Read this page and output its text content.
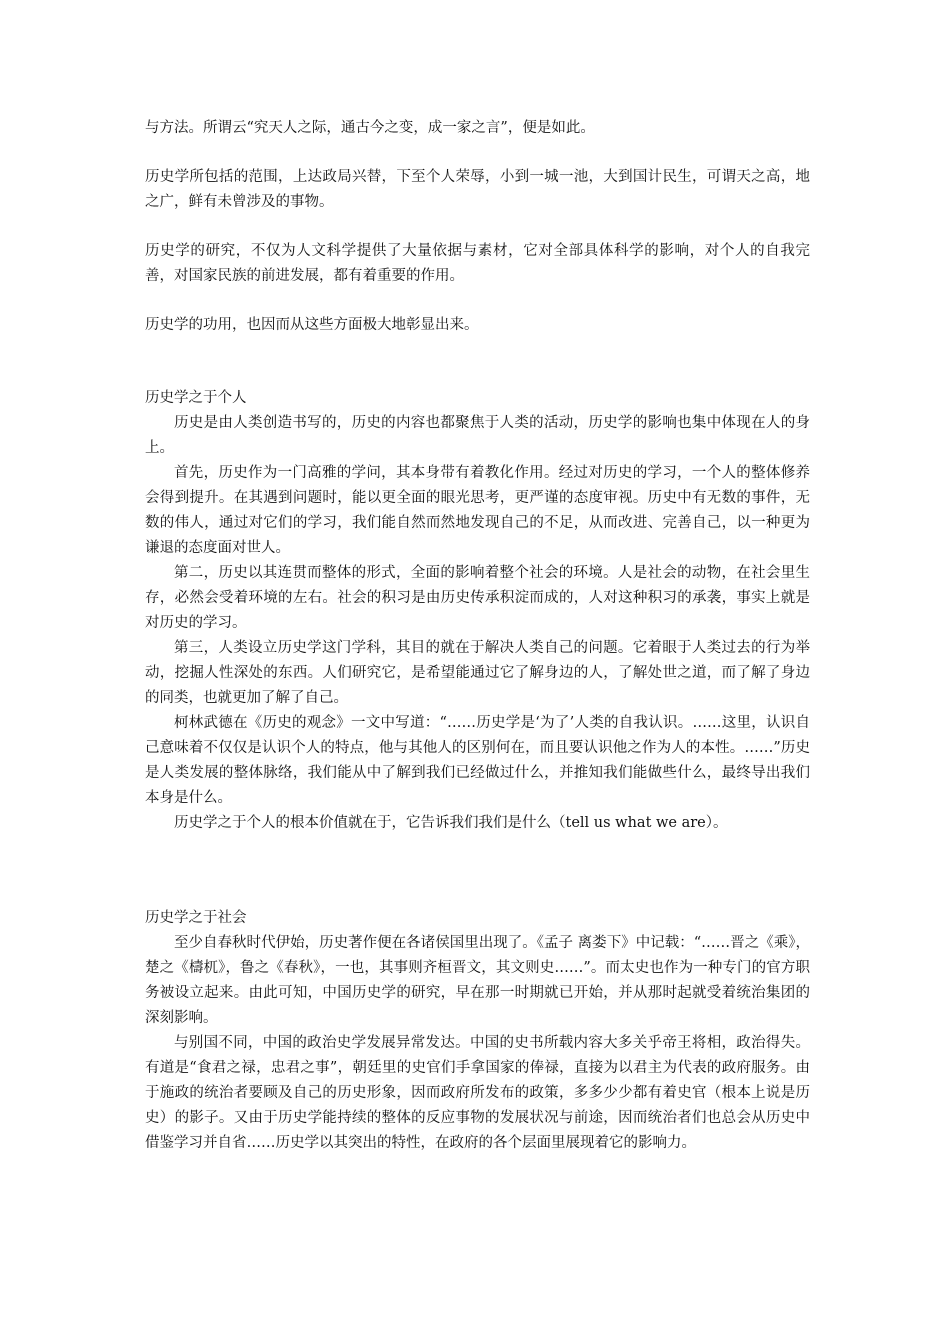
与方法。所谓云“究天人之际，通古今之变，成一家之言”，便是如此。

历史学所包括的范围，上达政局兴替，下至个人荣辱，小到一城一池，大到国计民生，可谓天之高，地之广，鲜有未曾涉及的事物。

历史学的研究，不仅为人文科学提供了大量依据与素材，它对全部具体科学的影响，对个人的自我完善，对国家民族的前进发展，都有着重要的作用。

历史学的功用，也因而从这些方面极大地彰显出来。

历史学之于个人

历史是由人类创造书写的，历史的内容也都聚焦于人类的活动，历史学的影响也集中体现在人的身上。

首先，历史作为一门高雅的学问，其本身带有着教化作用。经过对历史的学习，一个人的整体修养会得到提升。在其遇到问题时，能以更全面的眼光思考，更严谨的态度审视。历史中有无数的事件，无数的伟人，通过对它们的学习，我们能自然而然地发现自己的不足，从而改进、完善自己，以一种更为谦退的态度面对世人。

第二，历史以其连贯而整体的形式，全面的影响着整个社会的环境。人是社会的动物，在社会里生存，必然会受着环境的左右。社会的积习是由历史传承积淀而成的，人对这种积习的承袭，事实上就是对历史的学习。

第三，人类设立历史学这门学科，其目的就在于解决人类自己的问题。它着眼于人类过去的行为举动，挖掘人性深处的东西。人们研究它，是希望能通过它了解身边的人，了解处世之道，而了解了身边的同类，也就更加了解了自己。

柯林武德在《历史的观念》一文中写道：“……历史学是‘为了’人类的自我认识。……这里，认识自己意味着不仅仅是认识个人的特点，他与其他人的区别何在，而且要认识他之作为人的本性。……”历史是人类发展的整体脉络，我们能从中了解到我们已经做过什么，并推知我们能做些什么，最终导出我们本身是什么。

历史学之于个人的根本价值就在于，它告诉我们我们是什么（tell us what we are）。

历史学之于社会

至少自春秋时代伊始，历史著作便在各诸侯国里出现了。《孟子 离娄下》中记载：“……晋之《乘》，楚之《檮杌》，鲁之《春秋》，一也，其事则齐桓晋文，其文则史……”。而太史也作为一种专门的官方职务被设立起来。由此可知，中国历史学的研究，早在那一时期就已开始，并从那时起就受着统治集团的深刻影响。

与别国不同，中国的政治史学发展异常发达。中国的史书所载内容大多关乎帝王将相，政治得失。有道是“食君之禄，忠君之事”，朝廷里的史官们手拿国家的俸禄，直接为以君主为代表的政府服务。由于施政的统治者要顾及自己的历史形象，因而政府所发布的政策，多多少少都有着史官（根本上说是历史）的影子。又由于历史学能持续的整体的反应事物的发展状况与前途，因而统治者们也总会从历史中借鉴学习并自省……历史学以其突出的特性，在政府的各个层面里展现着它的影响力。
